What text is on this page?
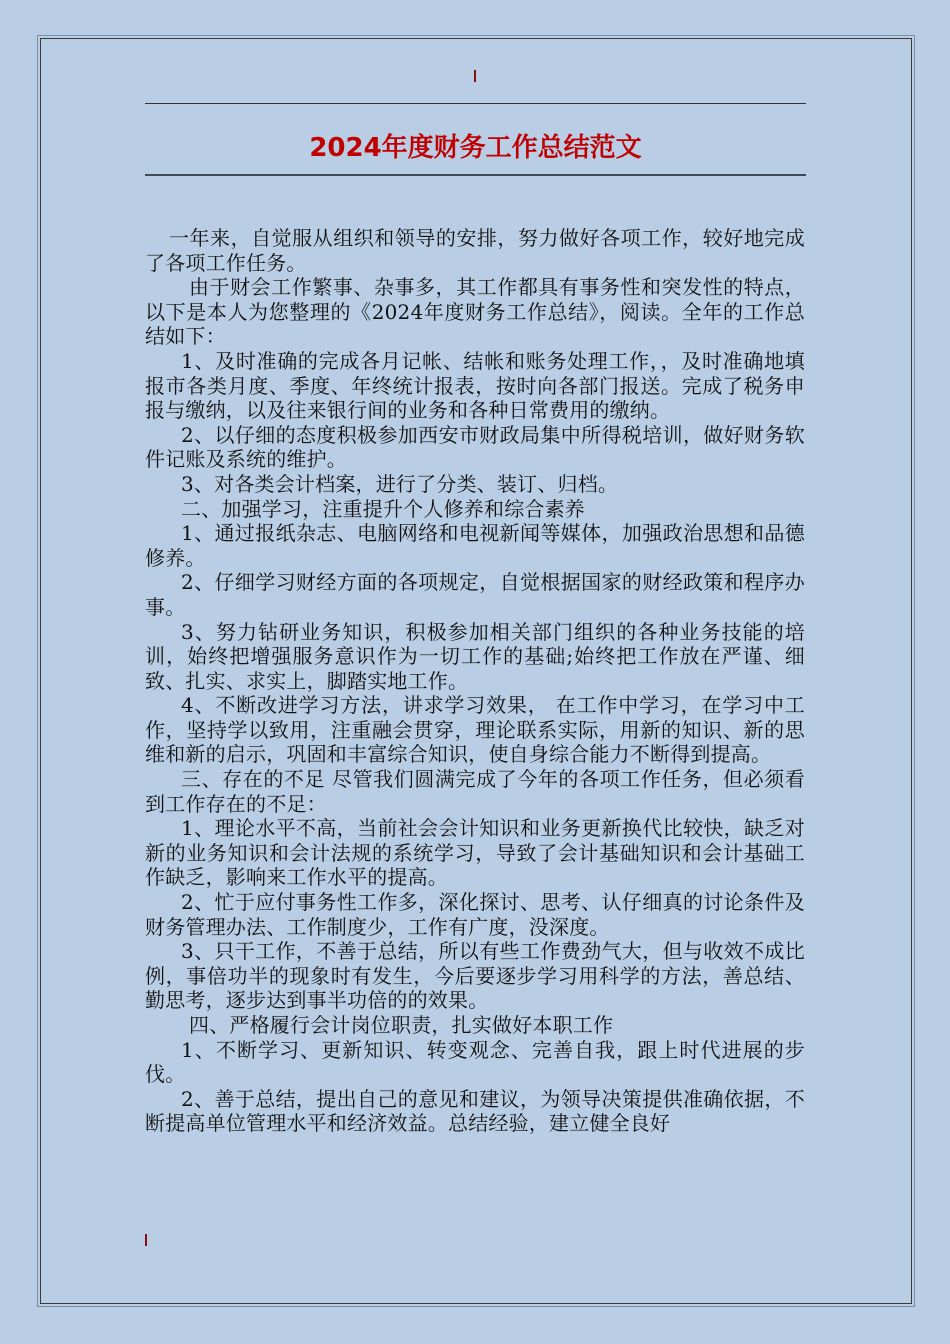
2024年度财务工作总结范文

一年来，自觉服从组织和领导的安排，努力做好各项工作，较好地完成了各项工作任务。

由于财会工作繁事、杂事多，其工作都具有事务性和突发性的特点，以下是本人为您整理的《2024年度财务工作总结》，阅读。全年的工作总结如下：

1、及时准确的完成各月记帐、结帐和账务处理工作，，及时准确地填报市各类月度、季度、年终统计报表，按时向各部门报送。完成了税务申报与缴纳，以及往来银行间的业务和各种日常费用的缴纳。

2、以仔细的态度积极参加西安市财政局集中所得税培训，做好财务软件记账及系统的维护。

3、对各类会计档案，进行了分类、装订、归档。

二、加强学习，注重提升个人修养和综合素养

1、通过报纸杂志、电脑网络和电视新闻等媒体，加强政治思想和品德修养。

2、仔细学习财经方面的各项规定，自觉根据国家的财经政策和程序办事。

3、努力钻研业务知识，积极参加相关部门组织的各种业务技能的培训，始终把增强服务意识作为一切工作的基础;始终把工作放在严谨、细致、扎实、求实上，脚踏实地工作。

4、不断改进学习方法，讲求学习效果， 在工作中学习，在学习中工作，坚持学以致用，注重融会贯穿，理论联系实际，用新的知识、新的思维和新的启示，巩固和丰富综合知识，使自身综合能力不断得到提高。

三、存在的不足 尽管我们圆满完成了今年的各项工作任务，但必须看到工作存在的不足：

1、理论水平不高，当前社会会计知识和业务更新换代比较快，缺乏对新的业务知识和会计法规的系统学习，导致了会计基础知识和会计基础工作缺乏，影响来工作水平的提高。

2、忙于应付事务性工作多，深化探讨、思考、认仔细真的讨论条件及财务管理办法、工作制度少，工作有广度，没深度。

3、只干工作，不善于总结，所以有些工作费劲气大，但与收效不成比例，事倍功半的现象时有发生，今后要逐步学习用科学的方法，善总结、勤思考，逐步达到事半功倍的的效果。

四、严格履行会计岗位职责，扎实做好本职工作

1、不断学习、更新知识、转变观念、完善自我，跟上时代进展的步伐。

2、善于总结，提出自己的意见和建议，为领导决策提供准确依据，不断提高单位管理水平和经济效益。总结经验，建立健全良好
